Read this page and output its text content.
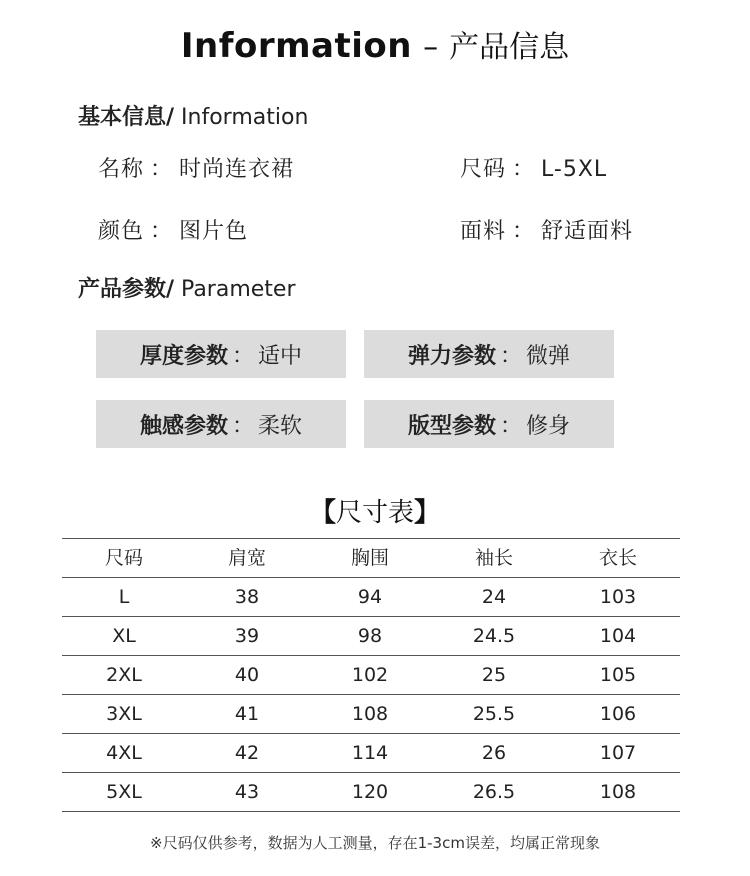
Information – 产品信息
基本信息/ Information
名称 ： 时尚连衣裙	尺码 ： L-5XL
颜色 ： 图片色	面料 ： 舒适面料
产品参数/ Parameter
厚度参数 ： 适中	弹力参数 ： 微弹
触感参数 ： 柔软	版型参数 ： 修身
【尺寸表】
尺码	肩宽	胸围	袖长	衣长
L	38	94	24	103
XL	39	98	24.5	104
2XL	40	102	25	105
3XL	41	108	25.5	106
4XL	42	114	26	107
5XL	43	120	26.5	108
※尺码仅供参考，数据为人工测量，存在1-3cm误差，均属正常现象
